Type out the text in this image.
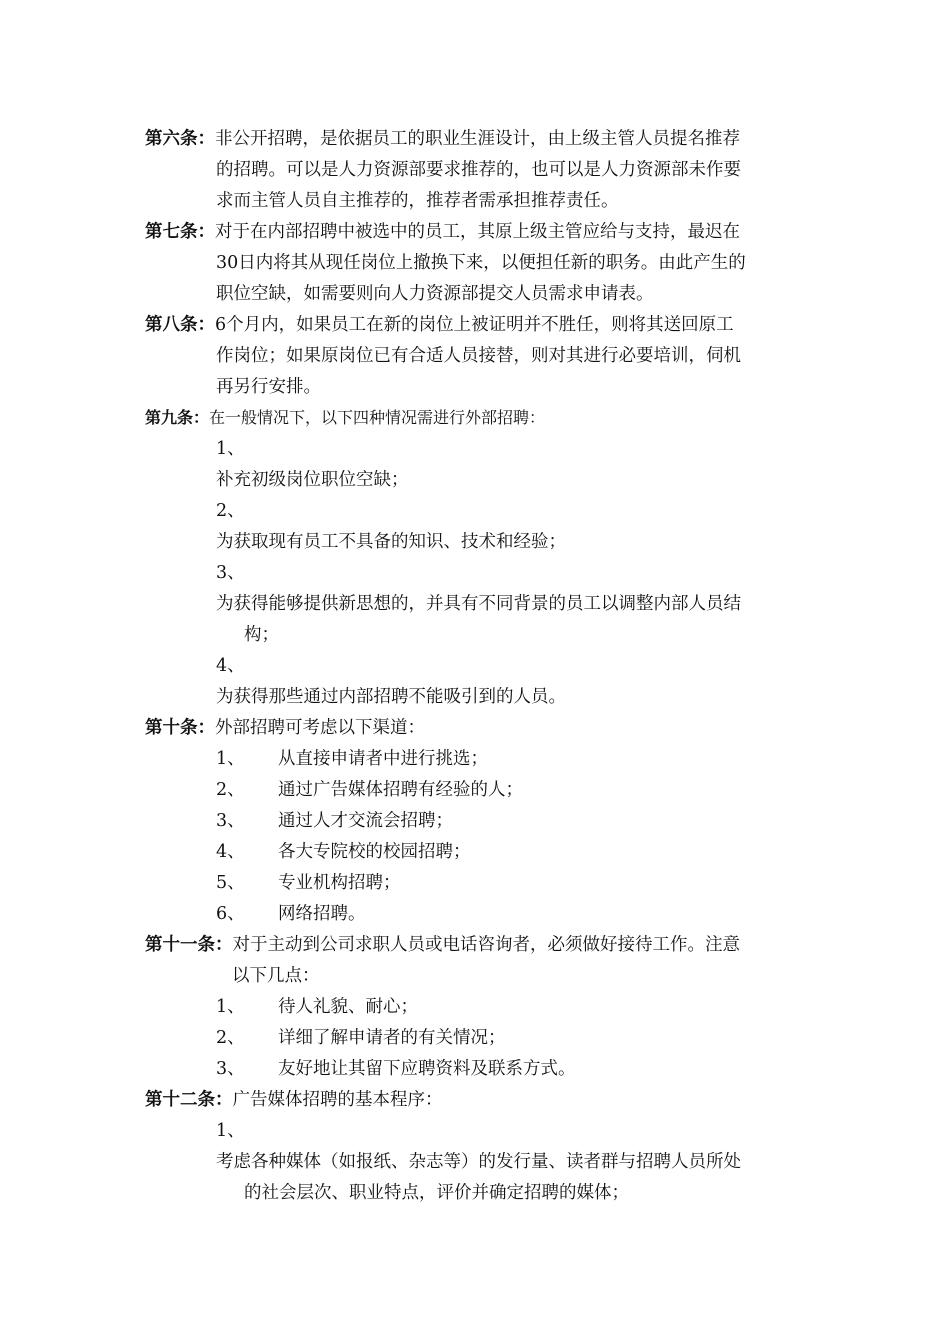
第六条：非公开招聘，是依据员工的职业生涯设计，由上级主管人员提名推荐
的招聘。可以是人力资源部要求推荐的，也可以是人力资源部未作要
求而主管人员自主推荐的，推荐者需承担推荐责任。
第七条：对于在内部招聘中被选中的员工，其原上级主管应给与支持，最迟在
30日内将其从现任岗位上撤换下来，以便担任新的职务。由此产生的
职位空缺，如需要则向人力资源部提交人员需求申请表。
第八条：6个月内，如果员工在新的岗位上被证明并不胜任，则将其送回原工
作岗位；如果原岗位已有合适人员接替，则对其进行必要培训，伺机
再另行安排。
第九条：在一般情况下，以下四种情况需进行外部招聘：
1、
补充初级岗位职位空缺；
2、
为获取现有员工不具备的知识、技术和经验；
3、
为获得能够提供新思想的，并具有不同背景的员工以调整内部人员结
构；
4、
为获得那些通过内部招聘不能吸引到的人员。
第十条：外部招聘可考虑以下渠道：
1、 从直接申请者中进行挑选；
2、 通过广告媒体招聘有经验的人；
3、 通过人才交流会招聘；
4、 各大专院校的校园招聘；
5、 专业机构招聘；
6、 网络招聘。
第十一条：对于主动到公司求职人员或电话咨询者，必须做好接待工作。注意
以下几点：
1、 待人礼貌、耐心；
2、 详细了解申请者的有关情况；
3、 友好地让其留下应聘资料及联系方式。
第十二条：广告媒体招聘的基本程序：
1、
考虑各种媒体（如报纸、杂志等）的发行量、读者群与招聘人员所处
的社会层次、职业特点，评价并确定招聘的媒体；
